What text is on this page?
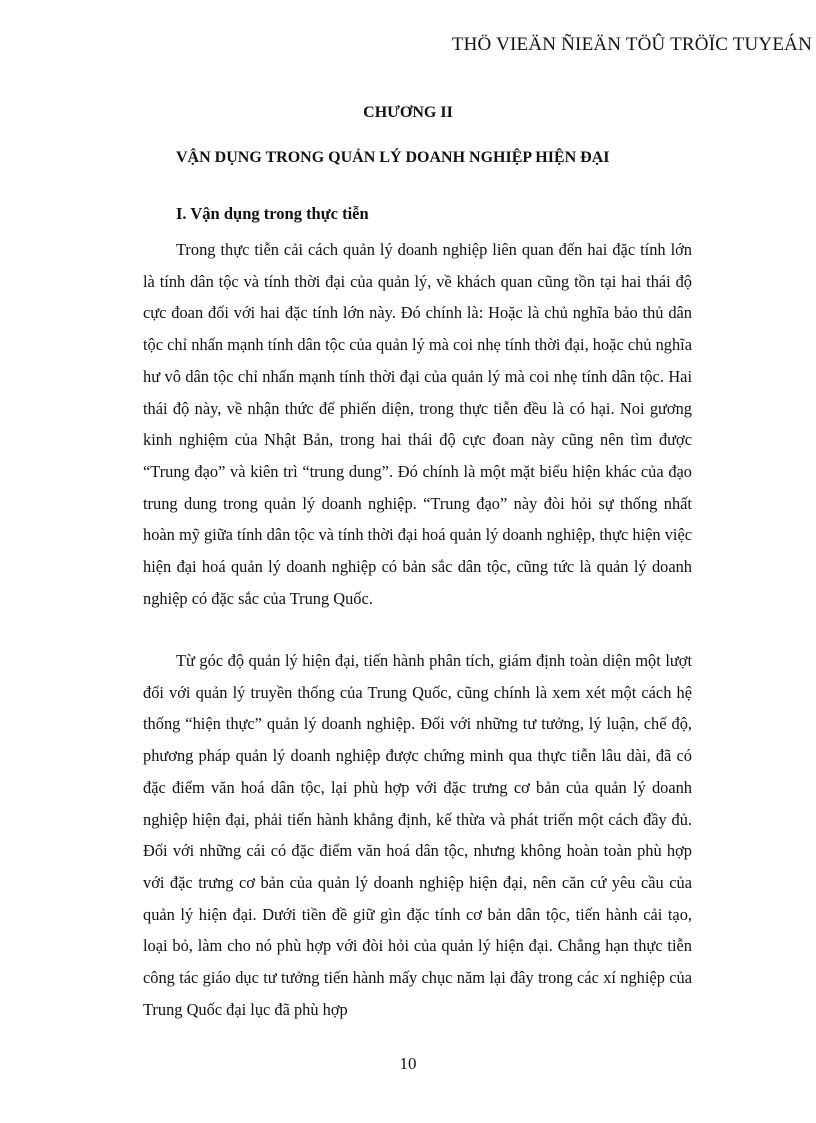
THÖ VIEÄN ÑIEÄN TÖÛ TRÖÏC TUYEÁN
CHƯƠNG II
VẬN DỤNG TRONG QUẢN LÝ DOANH NGHIỆP HIỆN ĐẠI
I. Vận dụng trong thực tiễn

Trong thực tiễn cải cách quản lý doanh nghiệp liên quan đến hai đặc tính lớn là tính dân tộc và tính thời đại của quản lý, về khách quan cũng tồn tại hai thái độ cực đoan đối với hai đặc tính lớn này. Đó chính là: Hoặc là chủ nghĩa bảo thủ dân tộc chỉ nhấn mạnh tính dân tộc của quản lý mà coi nhẹ tính thời đại, hoặc chủ nghĩa hư vô dân tộc chỉ nhấn mạnh tính thời đại của quản lý mà coi nhẹ tính dân tộc. Hai thái độ này, về nhận thức để phiến diện, trong thực tiễn đều là có hại. Noi gương kinh nghiệm của Nhật Bản, trong hai thái độ cực đoan này cũng nên tìm được “Trung đạo” và kiên trì “trung dung”. Đó chính là một mặt biểu hiện khác của đạo trung dung trong quản lý doanh nghiệp. “Trung đạo” này đòi hỏi sự thống nhất hoàn mỹ giữa tính dân tộc và tính thời đại hoá quản lý doanh nghiệp, thực hiện việc hiện đại hoá quản lý doanh nghiệp có bản sắc dân tộc, cũng tức là quản lý doanh nghiệp có đặc sắc của Trung Quốc.

Từ góc độ quản lý hiện đại, tiến hành phân tích, giám định toàn diện một lượt đối với quản lý truyền thống của Trung Quốc, cũng chính là xem xét một cách hệ thống “hiện thực” quản lý doanh nghiệp. Đối với những tư tưởng, lý luận, chế độ, phương pháp quản lý doanh nghiệp được chứng minh qua thực tiễn lâu dài, đã có đặc điểm văn hoá dân tộc, lại phù hợp với đặc trưng cơ bản của quản lý doanh nghiệp hiện đại, phải tiến hành khẳng định, kế thừa và phát triển một cách đầy đủ. Đối với những cái có đặc điểm văn hoá dân tộc, nhưng không hoàn toàn phù hợp với đặc trưng cơ bản của quản lý doanh nghiệp hiện đại, nên căn cứ yêu cầu của quản lý hiện đại. Dưới tiền đề giữ gìn đặc tính cơ bản dân tộc, tiến hành cải tạo, loại bỏ, làm cho nó phù hợp với đòi hỏi của quản lý hiện đại. Chẳng hạn thực tiễn công tác giáo dục tư tưởng tiến hành mấy chục năm lại đây trong các xí nghiệp của Trung Quốc đại lục đã phù hợp

10
